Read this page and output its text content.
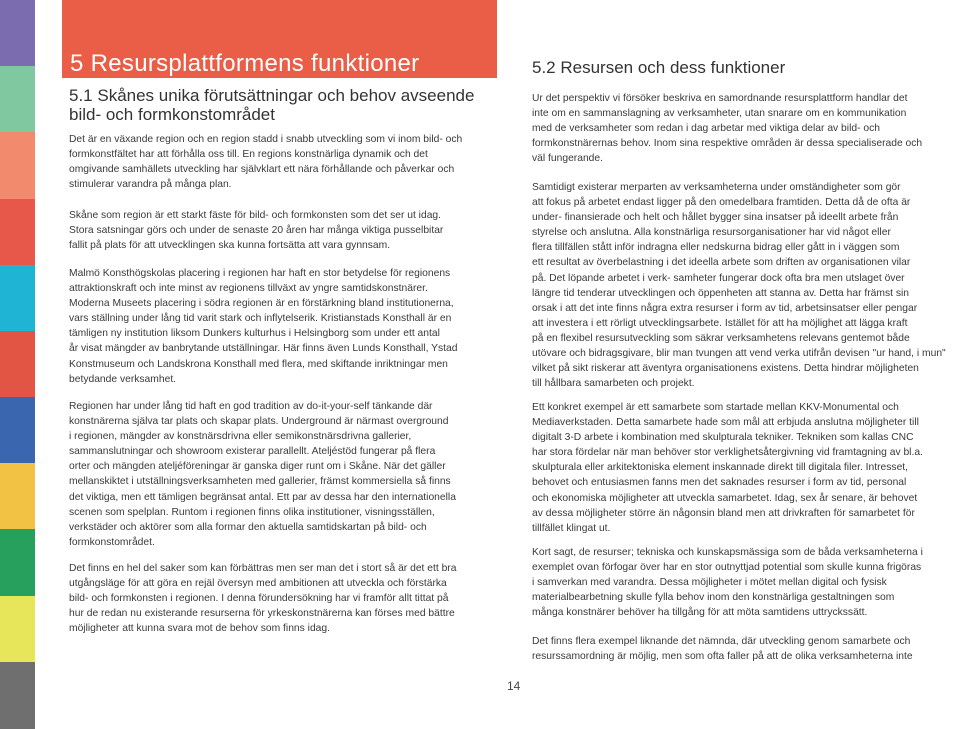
5 Resursplattformens funktioner
5.1 Skånes unika förutsättningar och behov avseende
bild- och formkonstområdet
Det är en växande region och en region stadd i snabb utveckling som vi inom bild- och
formkonstfältet har att förhålla oss till. En regions konstnärliga dynamik och det
omgivande samhällets utveckling har självklart ett nära förhållande och påverkar och
stimulerar varandra på många plan.
Skåne som region är ett starkt fäste för bild- och formkonsten som det ser ut idag.
Stora satsningar görs och under de senaste 20 åren har många viktiga pusselbitar
fallit på plats för att utvecklingen ska kunna fortsätta att vara gynnsam.
Malmö Konsthögskolas placering i regionen har haft en stor betydelse för regionens
attraktionskraft och inte minst av regionens tillväxt av yngre samtidskonstnärer.
Moderna Museets placering i södra regionen är en förstärkning bland institutionerna,
vars ställning under lång tid varit stark och inflytelserik. Kristianstads Konsthall är en
tämligen ny institution liksom Dunkers kulturhus i Helsingborg som under ett antal
år visat mängder av banbrytande utställningar. Här finns även Lunds Konsthall, Ystad
Konstmuseum och Landskrona Konsthall med flera, med skiftande inriktningar men
betydande verksamhet.
Regionen har under lång tid haft en god tradition av do-it-your-self tänkande där
konstnärerna själva tar plats och skapar plats. Underground är närmast overground
i regionen, mängder av konstnärsdrivna eller semikonstnärsdrivna gallerier,
sammanslutningar och showroom existerar parallellt. Ateljéstöd fungerar på flera
orter och mängden ateljéföreningar är ganska diger runt om i Skåne. När det gäller
mellanskiktet i utställningsverksamheten med gallerier, främst kommersiella så finns
det viktiga, men ett tämligen begränsat antal. Ett par av dessa har den internationella
scenen som spelplan. Runtom i regionen finns olika institutioner, visningsställen,
verkstäder och aktörer som alla formar den aktuella samtidskartan på bild- och
formkonstområdet.
Det finns en hel del saker som kan förbättras men ser man det i stort så är det ett bra
utgångsläge för att göra en rejäl översyn med ambitionen att utveckla och förstärka
bild- och formkonsten i regionen. I denna förundersökning har vi framför allt tittat på
hur de redan nu existerande resurserna för yrkeskonstnärerna kan förses med bättre
möjligheter att kunna svara mot de behov som finns idag.
5.2 Resursen och dess funktioner
Ur det perspektiv vi försöker beskriva en samordnande resursplattform handlar det
inte om en sammanslagning av verksamheter, utan snarare om en kommunikation
med de verksamheter som redan i dag arbetar med viktiga delar av bild- och
formkonstnärernas behov. Inom sina respektive områden är dessa specialiserade och
väl fungerande.
Samtidigt existerar merparten av verksamheterna under omständigheter som gör
att fokus på arbetet endast ligger på den omedelbara framtiden. Detta då de ofta är
under- finansierade och helt och hållet bygger sina insatser på ideellt arbete från
styrelse och anslutna. Alla konstnärliga resursorganisationer har vid något eller
flera tillfällen stått inför indragna eller nedskurna bidrag eller gått in i väggen som
ett resultat av överbelastning i det ideella arbete som driften av organisationen vilar
på. Det löpande arbetet i verk- samheter fungerar dock ofta bra men utslaget över
längre tid tenderar utvecklingen och öppenheten att stanna av. Detta har främst sin
orsak i att det inte finns några extra resurser i form av tid, arbetsinsatser eller pengar
att investera i ett rörligt utvecklingsarbete. Istället för att ha möjlighet att lägga kraft
på en flexibel resursutveckling som säkrar verksamhetens relevans gentemot både
utövare och bidragsgivare, blir man tvungen att vend verka utifrån devisen "ur hand, i mun"
vilket på sikt riskerar att äventyra organisationens existens. Detta hindrar möjligheten
till hållbara samarbeten och projekt.
Ett konkret exempel är ett samarbete som startade mellan KKV-Monumental och
Mediaverkstaden. Detta samarbete hade som mål att erbjuda anslutna möjligheter till
digitalt 3-D arbete i kombination med skulpturala tekniker. Tekniken som kallas CNC
har stora fördelar när man behöver stor verklighetsåtergivning vid framtagning av bl.a.
skulpturala eller arkitektoniska element inskannade direkt till digitala filer. Intresset,
behovet och entusiasmen fanns men det saknades resurser i form av tid, personal
och ekonomiska möjligheter att utveckla samarbetet. Idag, sex år senare, är behovet
av dessa möjligheter större än någonsin bland men att drivkraften för samarbetet för
tillfället klingat ut.
Kort sagt, de resurser; tekniska och kunskapsmässiga som de båda verksamheterna i
exemplet ovan förfogar över har en stor outnyttjad potential som skulle kunna frigöras
i samverkan med varandra. Dessa möjligheter i mötet mellan digital och fysisk
materialbearbetning skulle fylla behov inom den konstnärliga gestaltningen som
många konstnärer behöver ha tillgång för att möta samtidens uttryckssätt.
Det finns flera exempel liknande det nämnda, där utveckling genom samarbete och
resurssamordning är möjlig, men som ofta faller på att de olika verksamheterna inte
14
